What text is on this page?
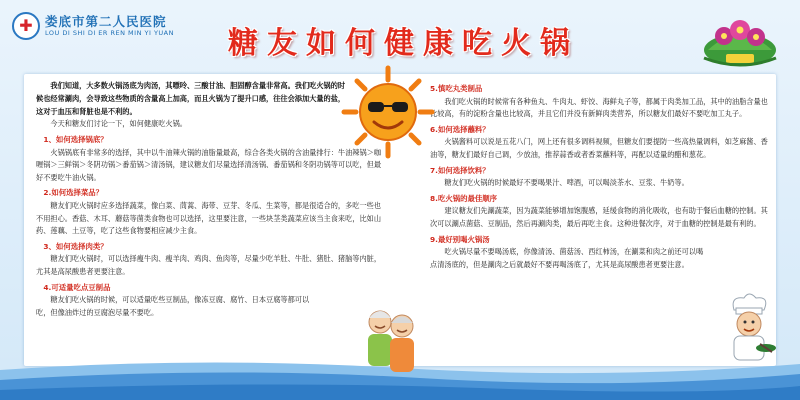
✚ 娄底市第二人民医院
LOU DI SHI DI ER REN MIN YI YUAN 糖友如何健康吃火锅

我们知道，大多数火锅汤底为肉汤，其嘌呤、三酸甘油、胆固醇含量非常高。我们吃火锅的时候也经常涮肉，会导致这些物质的含量高上加高，而且火锅为了提升口感，往往会添加大量的盐，这对于血压和肾脏也是不利的。

今天和糖友们讨论一下，如何健康吃火锅。

1、如何选择锅底？

火锅锅底有非常多的选择，其中以牛油辣火锅的油脂量最高，综合各类火锅的含油量排行：牛油辣锅＞咖喱锅＞三鲜锅＞冬阴功锅＞番茄锅＞清汤锅，建议糖友们尽量选择清汤锅、番茄锅和冬阴功锅等可以吃，但最好不要吃牛油火锅。

2.如何选择菜品？

糖友们吃火锅时应多选择蔬菜，像白菜、茼蒿、海带、豆芽、冬瓜、生菜等，都是很适合的，多吃一些也不用担心。香菇、木耳、蘑菇等菌类食物也可以选择，这里要注意，一些块茎类蔬菜应该当主食来吃，比如山药、莲藕、土豆等，吃了这些食物要相应减少主食。

3、如何选择肉类？

糖友们吃火锅时，可以选择瘦牛肉、瘦羊肉、鸡肉、鱼肉等，尽量少吃羊肚、牛肚、猪肚、猪脑等内脏，尤其是高尿酸患者更要注意。

4.可适量吃点豆制品

糖友们吃火锅的时候，可以适量吃些豆制品，像冻豆腐、腐竹、日本豆腐等都可以吃，但像油炸过的豆腐泡尽量不要吃。

5.慎吃丸类制品

我们吃火锅的时候常有各种鱼丸、牛肉丸、虾饺、海鲜丸子等，都属于肉类加工品，其中的油脂含量也比较高，有的淀粉含量也比较高，并且它们并没有新鲜肉类营养，所以糖友们最好不要吃加工丸子。

6.如何选择蘸料？

火锅酱料可以说是五花八门，网上还有很多调料视频，但糖友们要提防一些高热量调料，如芝麻酱、香油等，糖友们最好自己调，少放油，推荐蒜香或者香菜蘸料等，再配以适量的醋和葱花。

7.如何选择饮料？

糖友们吃火锅的时候最好不要喝果汁、啤酒，可以喝淡茶水、豆浆、牛奶等。

8.吃火锅的最佳顺序

建议糖友们先涮蔬菜，因为蔬菜能够增加饱腹感，延缓食物的消化吸收，也有助于餐后血糖的控制。其次可以涮点菌菇、豆制品，然后再涮肉类，最后再吃主食。这种进餐次序，对于血糖的控制是最有利的。

9.最好别喝火锅汤

吃火锅尽量不要喝汤底，你像清汤、菌菇汤、西红柿汤，在涮菜和肉之前还可以喝点清汤底的，但是涮肉之后就最好不要再喝汤底了，尤其是高尿酸患者更要注意。
